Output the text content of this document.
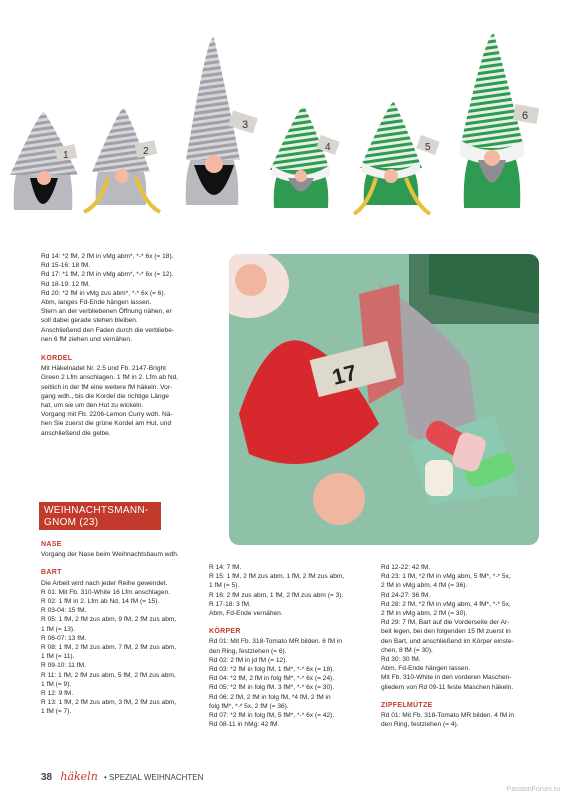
1	2
3
4	5
6
Rd 14: *2 fM, 2 fM in vMg abm*, *-* 6x (= 18).
Rd 15-16: 18 fM.
Rd 17: *1 fM, 2 fM in vMg abm*, *-* 6x (= 12).
Rd 18-19: 12 fM.
Rd 20: *2 fM in vMg zus abm*, *-* 6x (= 6).
Abm, langes Fd-Ende hängen lassen.
Stern an der verbliebenen Öffnung nähen, er
soll dabei gerade stehen bleiben.
Anschließend den Faden durch die verbliebe-
nen 6 fM ziehen und vernähen.
KORDEL
Mit Häkelnadel Nr. 2.5 und Fb. 2147-Bright
Green 2 Lfm anschlagen. 1 fM in 2. Lfm ab Nd,
seitlich in der fM eine weitere fM häkeln. Vor-
gang wdh., bis die Kordel die richtige Länge
hat, um sie um den Hut zu wickeln.
Vorgang mit Fb. 2206-Lemon Curry wdh. Nä-
hen Sie zuerst die grüne Kordel am Hut, und
anschließend die gelbe.
17
WEIHNACHTSMANN-
GNOM (23)
NASE
Vorgang der Nase beim Weihnachtsbaum wdh.
BART
Die Arbeit wird nach jeder Reihe gewendet.
R 01: Mit Fb. 310-White 16 Lfm anschlagen.
R 02: 1 fM in 2. Lfm ab Nd, 14 fM (= 15).
R 03-04: 15 fM.
R 05: 1 fM, 2 fM zus abm, 9 fM, 2 fM zus abm,
1 fM (= 13).
R 06-07: 13 fM.
R 08: 1 fM, 2 fM zus abm, 7 fM, 2 fM zus abm,
1 fM (= 11).
R 09-10: 11 fM.
R 11: 1 fM, 2 fM zus abm, 5 fM, 2 fM zus abm,
1 fM (= 9).
R 12: 9 fM.
R 13: 1 fM, 2 fM zus abm, 3 fM, 2 fM zus abm,
1 fM (= 7).
R 14: 7 fM.
R 15: 1 fM, 2 fM zus abm, 1 fM, 2 fM zus abm,
1 fM (= 5).
R 16: 2 fM zus abm, 1 fM, 2 fM zus abm (= 3).
R 17-18: 3 fM.
Abm, Fd-Ende vernähen.
KÖRPER
Rd 01: Mit Fb. 318-Tomato MR bilden. 6 fM in
den Ring, festziehen (= 6).
Rd 02: 2 fM in jd fM (= 12).
Rd 03: *2 fM in folg fM, 1 fM*, *-* 6x (= 18).
Rd 04: *2 fM, 2 fM in folg fM*, *-* 6x (= 24).
Rd 05: *2 fM in folg fM, 3 fM*, *-* 6x (= 30).
Rd 06: 2 fM, 2 fM in folg fM, *4 fM, 2 fM in
folg fM*, *-* 5x, 2 fM (= 36).
Rd 07: *2 fM in folg fM, 5 fM*, *-* 6x (= 42).
Rd 08-11 in hMg: 42 fM.
Rd 12-22: 42 fM.
Rd 23: 1 fM, *2 fM in vMg abm, 5 fM*, *-* 5x,
2 fM in vMg abm, 4 fM (= 36).
Rd 24-27: 36 fM.
Rd 28: 2 fM, *2 fM in vMg abm, 4 fM*, *-* 5x,
2 fM in vMg abm, 2 fM (= 30).
Rd 29: 7 fM, Bart auf die Vorderseite der Ar-
beit legen, bei den folgenden 15 fM zuerst in
den Bart, und anschließend im Körper einste-
chen, 8 fM (= 30).
Rd 30: 30 fM.
Abm, Fd-Ende hängen lassen.
Mit Fb. 310-White in den vorderen Maschen-
gliedern von Rd 09-11 feste Maschen häkeln.
ZIPFELMÜTZE
Rd 01: Mit Fb. 318-Tomato MR bilden. 4 fM in
den Ring, festziehen (= 4).
38 häkeln • SPEZIAL WEIHNACHTEN
PassionForum.ru
